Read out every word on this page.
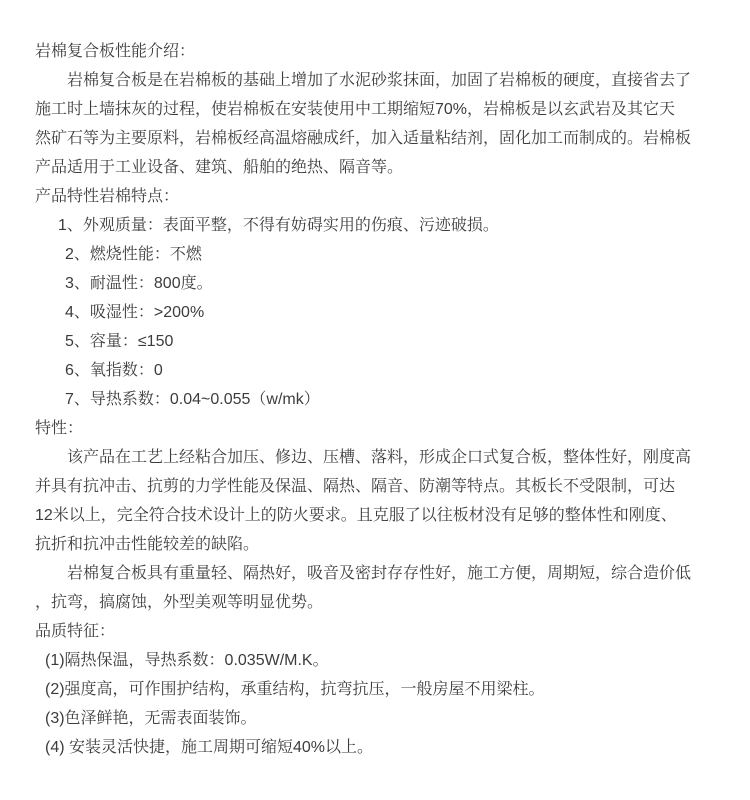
岩棉复合板性能介绍：

岩棉复合板是在岩棉板的基础上增加了水泥砂浆抹面，加固了岩棉板的硬度，直接省去了

施工时上墙抹灰的过程，使岩棉板在安装使用中工期缩短70%，岩棉板是以玄武岩及其它天

然矿石等为主要原料，岩棉板经高温熔融成纤，加入适量粘结剂，固化加工而制成的。岩棉板

产品适用于工业设备、建筑、船舶的绝热、隔音等。

产品特性岩棉特点：

1、外观质量：表面平整，不得有妨碍实用的伤痕、污迹破损。

2、燃烧性能：不燃

3、耐温性：800度。

4、吸湿性：>200%

5、容量：≤150

6、氧指数：0

7、导热系数：0.04~0.055（w/mk）

特性：

该产品在工艺上经粘合加压、修边、压槽、落料，形成企口式复合板，整体性好，刚度高

并具有抗冲击、抗剪的力学性能及保温、隔热、隔音、防潮等特点。其板长不受限制，可达

12米以上，完全符合技术设计上的防火要求。且克服了以往板材没有足够的整体性和刚度、

抗折和抗冲击性能较差的缺陷。

岩棉复合板具有重量轻、隔热好，吸音及密封存存性好，施工方便，周期短，综合造价低

，抗弯，搞腐蚀，外型美观等明显优势。

品质特征：

(1)隔热保温，导热系数：0.035W/M.K。

(2)强度高，可作围护结构，承重结构，抗弯抗压，一般房屋不用梁柱。

(3)色泽鲜艳，无需表面装饰。

(4) 安装灵活快捷，施工周期可缩短40%以上。
